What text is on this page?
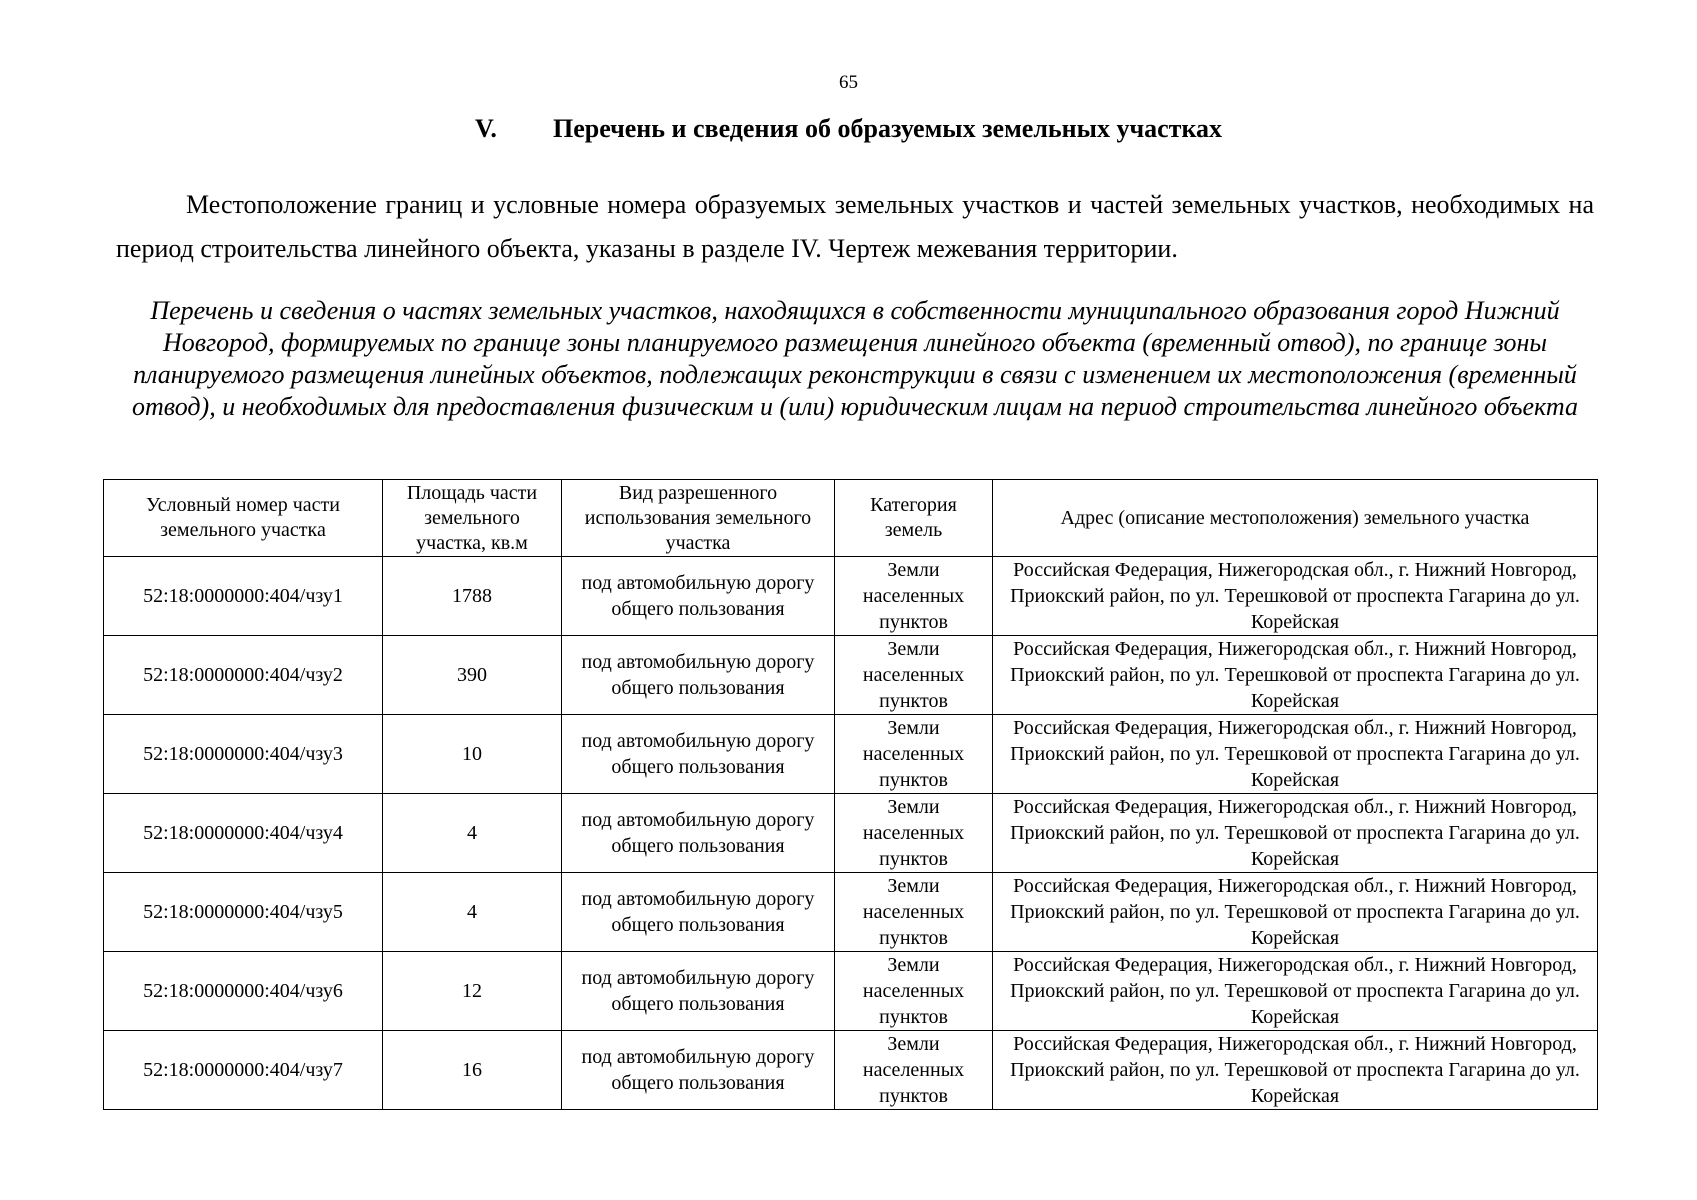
65
V. Перечень и сведения об образуемых земельных участках

Местоположение границ и условные номера образуемых земельных участков и частей земельных участков, необходимых на период строительства линейного объекта, указаны в разделе IV. Чертеж межевания территории.

Перечень и сведения о частях земельных участков, находящихся в собственности муниципального образования город Нижний Новгород, формируемых по границе зоны планируемого размещения линейного объекта (временный отвод), по границе зоны планируемого размещения линейных объектов, подлежащих реконструкции в связи с изменением их местоположения (временный отвод), и необходимых для предоставления физическим и (или) юридическим лицам на период строительства линейного объекта

Условный номер части земельного участка	Площадь части земельного участка, кв.м	Вид разрешенного использования земельного участка	Категория земель	Адрес (описание местоположения) земельного участка
52:18:0000000:404/чзу1	1788	под автомобильную дорогу общего пользования	Земли населенных пунктов	Российская Федерация, Нижегородская обл., г. Нижний Новгород, Приокский район, по ул. Терешковой от проспекта Гагарина до ул. Корейская
52:18:0000000:404/чзу2	390	под автомобильную дорогу общего пользования	Земли населенных пунктов	Российская Федерация, Нижегородская обл., г. Нижний Новгород, Приокский район, по ул. Терешковой от проспекта Гагарина до ул. Корейская
52:18:0000000:404/чзу3	10	под автомобильную дорогу общего пользования	Земли населенных пунктов	Российская Федерация, Нижегородская обл., г. Нижний Новгород, Приокский район, по ул. Терешковой от проспекта Гагарина до ул. Корейская
52:18:0000000:404/чзу4	4	под автомобильную дорогу общего пользования	Земли населенных пунктов	Российская Федерация, Нижегородская обл., г. Нижний Новгород, Приокский район, по ул. Терешковой от проспекта Гагарина до ул. Корейская
52:18:0000000:404/чзу5	4	под автомобильную дорогу общего пользования	Земли населенных пунктов	Российская Федерация, Нижегородская обл., г. Нижний Новгород, Приокский район, по ул. Терешковой от проспекта Гагарина до ул. Корейская
52:18:0000000:404/чзу6	12	под автомобильную дорогу общего пользования	Земли населенных пунктов	Российская Федерация, Нижегородская обл., г. Нижний Новгород, Приокский район, по ул. Терешковой от проспекта Гагарина до ул. Корейская
52:18:0000000:404/чзу7	16	под автомобильную дорогу общего пользования	Земли населенных пунктов	Российская Федерация, Нижегородская обл., г. Нижний Новгород, Приокский район, по ул. Терешковой от проспекта Гагарина до ул. Корейская
